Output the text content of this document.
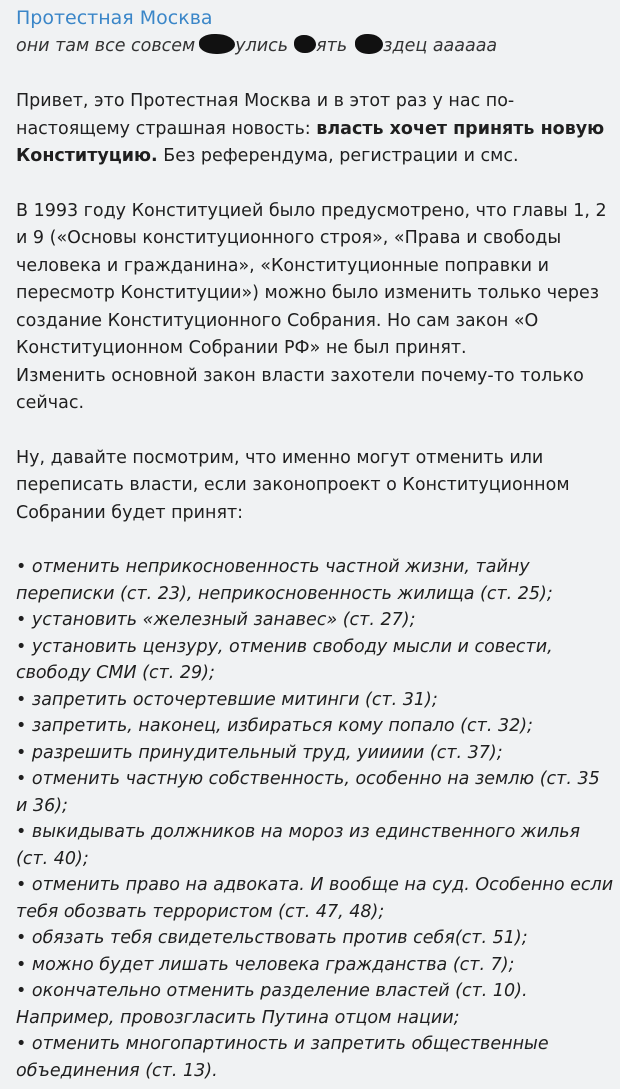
Протестная Москва

они там все совсем улись ять здец аааааа

Привет, это Протестная Москва и в этот раз у нас по-настоящему страшная новость: власть хочет принять новую Конституцию. Без референдума, регистрации и смс.

В 1993 году Конституцией было предусмотрено, что главы 1, 2 и 9 («Основы конституционного строя», «Права и свободы человека и гражданина», «Конституционные поправки и пересмотр Конституции») можно было изменить только через создание Конституционного Собрания. Но сам закон «О Конституционном Собрании РФ» не был принят.

Изменить основной закон власти захотели почему-то только сейчас.

Ну, давайте посмотрим, что именно могут отменить или переписать власти, если законопроект о Конституционном Собрании будет принят:

• отменить неприкосновенность частной жизни, тайну переписки (ст. 23), неприкосновенность жилища (ст. 25);

• установить «железный занавес» (ст. 27);

• установить цензуру, отменив свободу мысли и совести, свободу СМИ (ст. 29);

• запретить осточертевшие митинги (ст. 31);

• запретить, наконец, избираться кому попало (ст. 32);

• разрешить принудительный труд, уиииии (ст. 37);

• отменить частную собственность, особенно на землю (ст. 35 и 36);

• выкидывать должников на мороз из единственного жилья (ст. 40);

• отменить право на адвоката. И вообще на суд. Особенно если тебя обозвать террористом (ст. 47, 48);

• обязать тебя свидетельствовать против себя(ст. 51);

• можно будет лишать человека гражданства (ст. 7);

• окончательно отменить разделение властей (ст. 10).

Например, провозгласить Путина отцом нации;

• отменить многопартиность и запретить общественные объединения (ст. 13).
